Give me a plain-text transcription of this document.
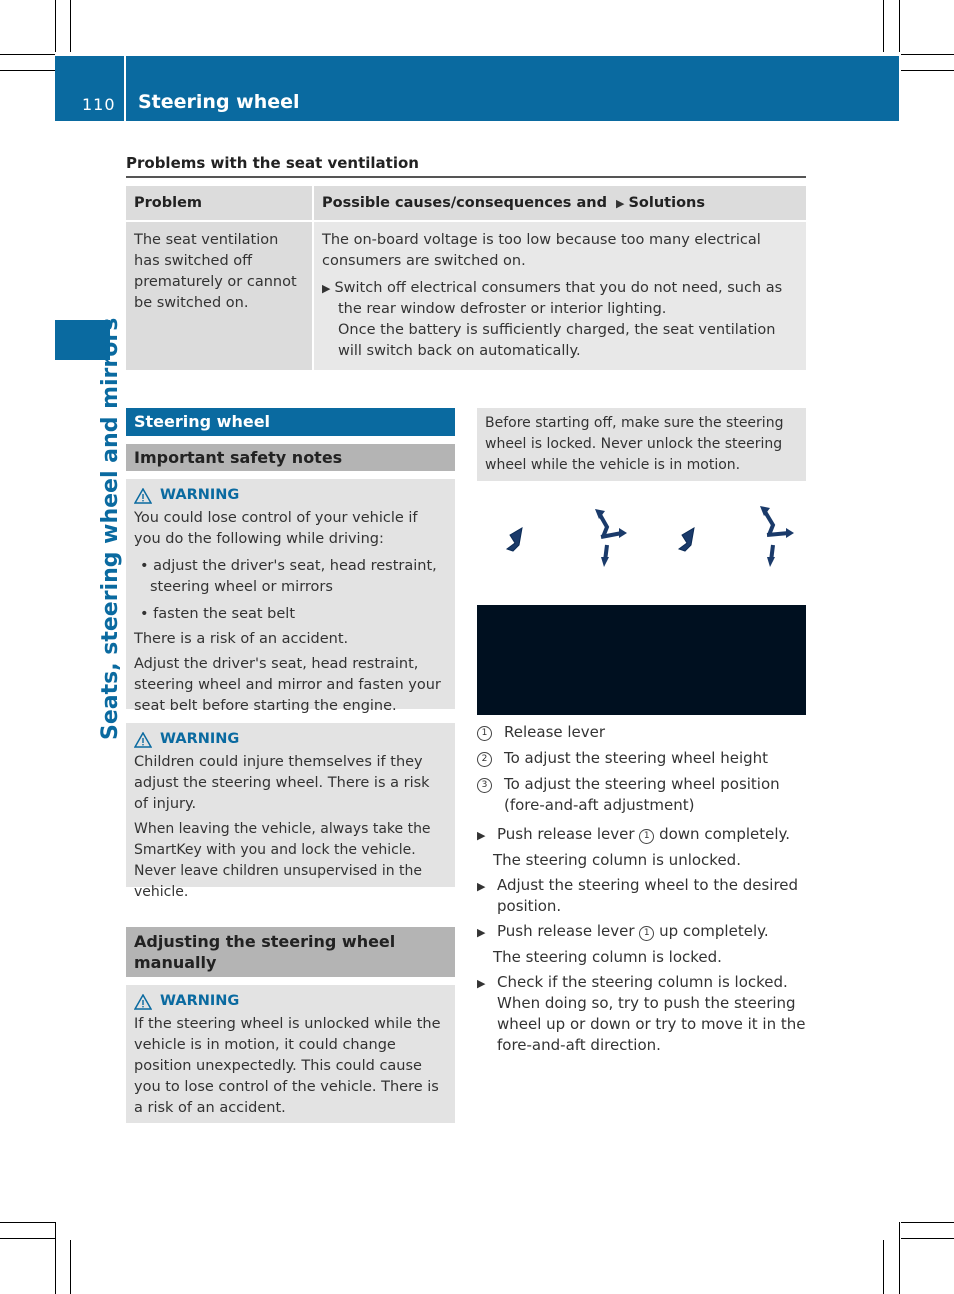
110 Steering wheel
Seats, steering wheel and mirrors
Problems with the seat ventilation
Problem	Possible causes/consequences and ▶ Solutions
The seat ventilation has switched off prematurely or cannot be switched on.	The on-board voltage is too low because too many electrical consumers are switched on.
▶ Switch off electrical consumers that you do not need, such as the rear window defroster or interior lighting.
Once the battery is sufficiently charged, the seat ventilation will switch back on automatically.
Steering wheel
Important safety notes
WARNING
You could lose control of your vehicle if you do the following while driving:
• adjust the driver's seat, head restraint, steering wheel or mirrors
• fasten the seat belt
There is a risk of an accident.
Adjust the driver's seat, head restraint, steering wheel and mirror and fasten your seat belt before starting the engine.
WARNING
Children could injure themselves if they adjust the steering wheel. There is a risk of injury.
When leaving the vehicle, always take the SmartKey with you and lock the vehicle. Never leave children unsupervised in the vehicle.
Adjusting the steering wheel manually
WARNING
If the steering wheel is unlocked while the vehicle is in motion, it could change position unexpectedly. This could cause you to lose control of the vehicle. There is a risk of an accident.
Before starting off, make sure the steering wheel is locked. Never unlock the steering wheel while the vehicle is in motion.
1	Release lever
2	To adjust the steering wheel height
3	To adjust the steering wheel position (fore-and-aft adjustment)
▶ Push release lever 1 down completely.
The steering column is unlocked.
▶ Adjust the steering wheel to the desired position.
▶ Push release lever 1 up completely.
The steering column is locked.
▶ Check if the steering column is locked. When doing so, try to push the steering wheel up or down or try to move it in the fore-and-aft direction.
